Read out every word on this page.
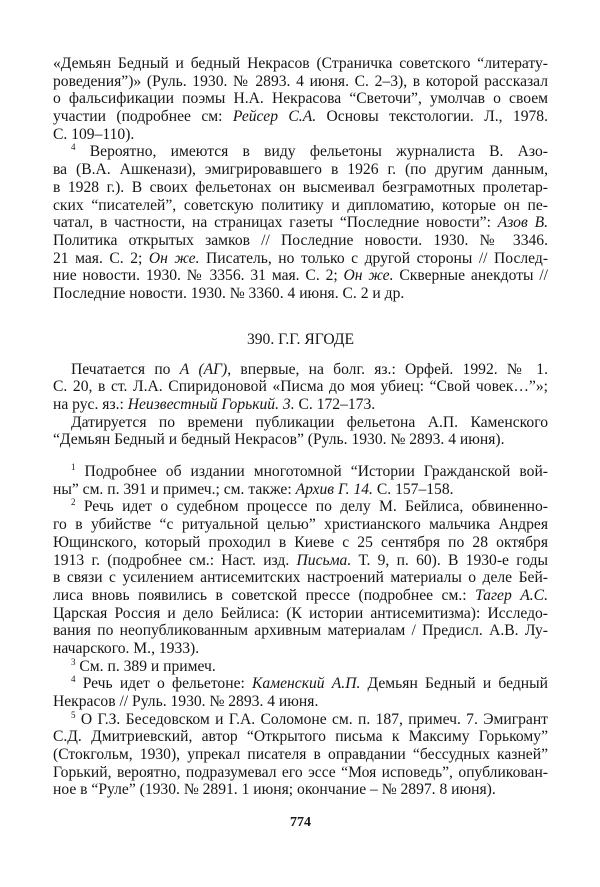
«Демьян Бедный и бедный Некрасов (Страничка советского “литерату-
роведения”)» (Руль. 1930. № 2893. 4 июня. С. 2–3), в которой рассказал
о фальсификации поэмы Н.А. Некрасова “Светочи”, умолчав о своем
участии (подробнее см: Рейсер С.А. Основы текстологии. Л., 1978.
С. 109–110).
$^4$ Вероятно, имеются в виду фельетоны журналиста В. Азо-
ва (В.А. Ашкенази), эмигрировавшего в 1926 г. (по другим данным,
в 1928 г.). В своих фельетонах он высмеивал безграмотных пролетар-
ских “писателей”, советскую политику и дипломатию, которые он пе-
чатал, в частности, на страницах газеты “Последние новости”: Азов В.
Политика открытых замков // Последние новости. 1930. № 3346.
21 мая. С. 2; Он же. Писатель, но только с другой стороны // Послед-
ние новости. 1930. № 3356. 31 мая. С. 2; Он же. Скверные анекдоты //
Последние новости. 1930. № 3360. 4 июня. С. 2 и др.
390. Г.Г. ЯГОДЕ
Печатается по А (АГ), впервые, на болг. яз.: Орфей. 1992. № 1.
С. 20, в ст. Л.А. Спиридоновой «Писма до моя убиец: “Свой човек…”»;
на рус. яз.: Неизвестный Горький. 3. С. 172–173.
Датируется по времени публикации фельетона А.П. Каменского
“Демьян Бедный и бедный Некрасов” (Руль. 1930. № 2893. 4 июня).
$^1$ Подробнее об издании многотомной “Истории Гражданской вой-
ны” см. п. 391 и примеч.; см. также: Архив Г. 14. С. 157–158.
$^2$ Речь идет о судебном процессе по делу М. Бейлиса, обвиненно-
го в убийстве “с ритуальной целью” христианского мальчика Андрея
Ющинского, который проходил в Киеве с 25 сентября по 28 октября
1913 г. (подробнее см.: Наст. изд. Письма. Т. 9, п. 60). В 1930-е годы
в связи с усилением антисемитских настроений материалы о деле Бей-
лиса вновь появились в советской прессе (подробнее см.: Тагер А.С.
Царская Россия и дело Бейлиса: (К истории антисемитизма): Исследо-
вания по неопубликованным архивным материалам / Предисл. А.В. Лу-
начарского. М., 1933).
$^3$ См. п. 389 и примеч.
$^4$ Речь идет о фельетоне: Каменский А.П. Демьян Бедный и бедный
Некрасов // Руль. 1930. № 2893. 4 июня.
$^5$ О Г.З. Беседовском и Г.А. Соломоне см. п. 187, примеч. 7. Эмигрант
С.Д. Дмитриевский, автор “Открытого письма к Максиму Горькому”
(Стокгольм, 1930), упрекал писателя в оправдании “бессудных казней”
Горький, вероятно, подразумевал его эссе “Моя исповедь”, опубликован-
ное в “Руле” (1930. № 2891. 1 июня; окончание – № 2897. 8 июня).
774
